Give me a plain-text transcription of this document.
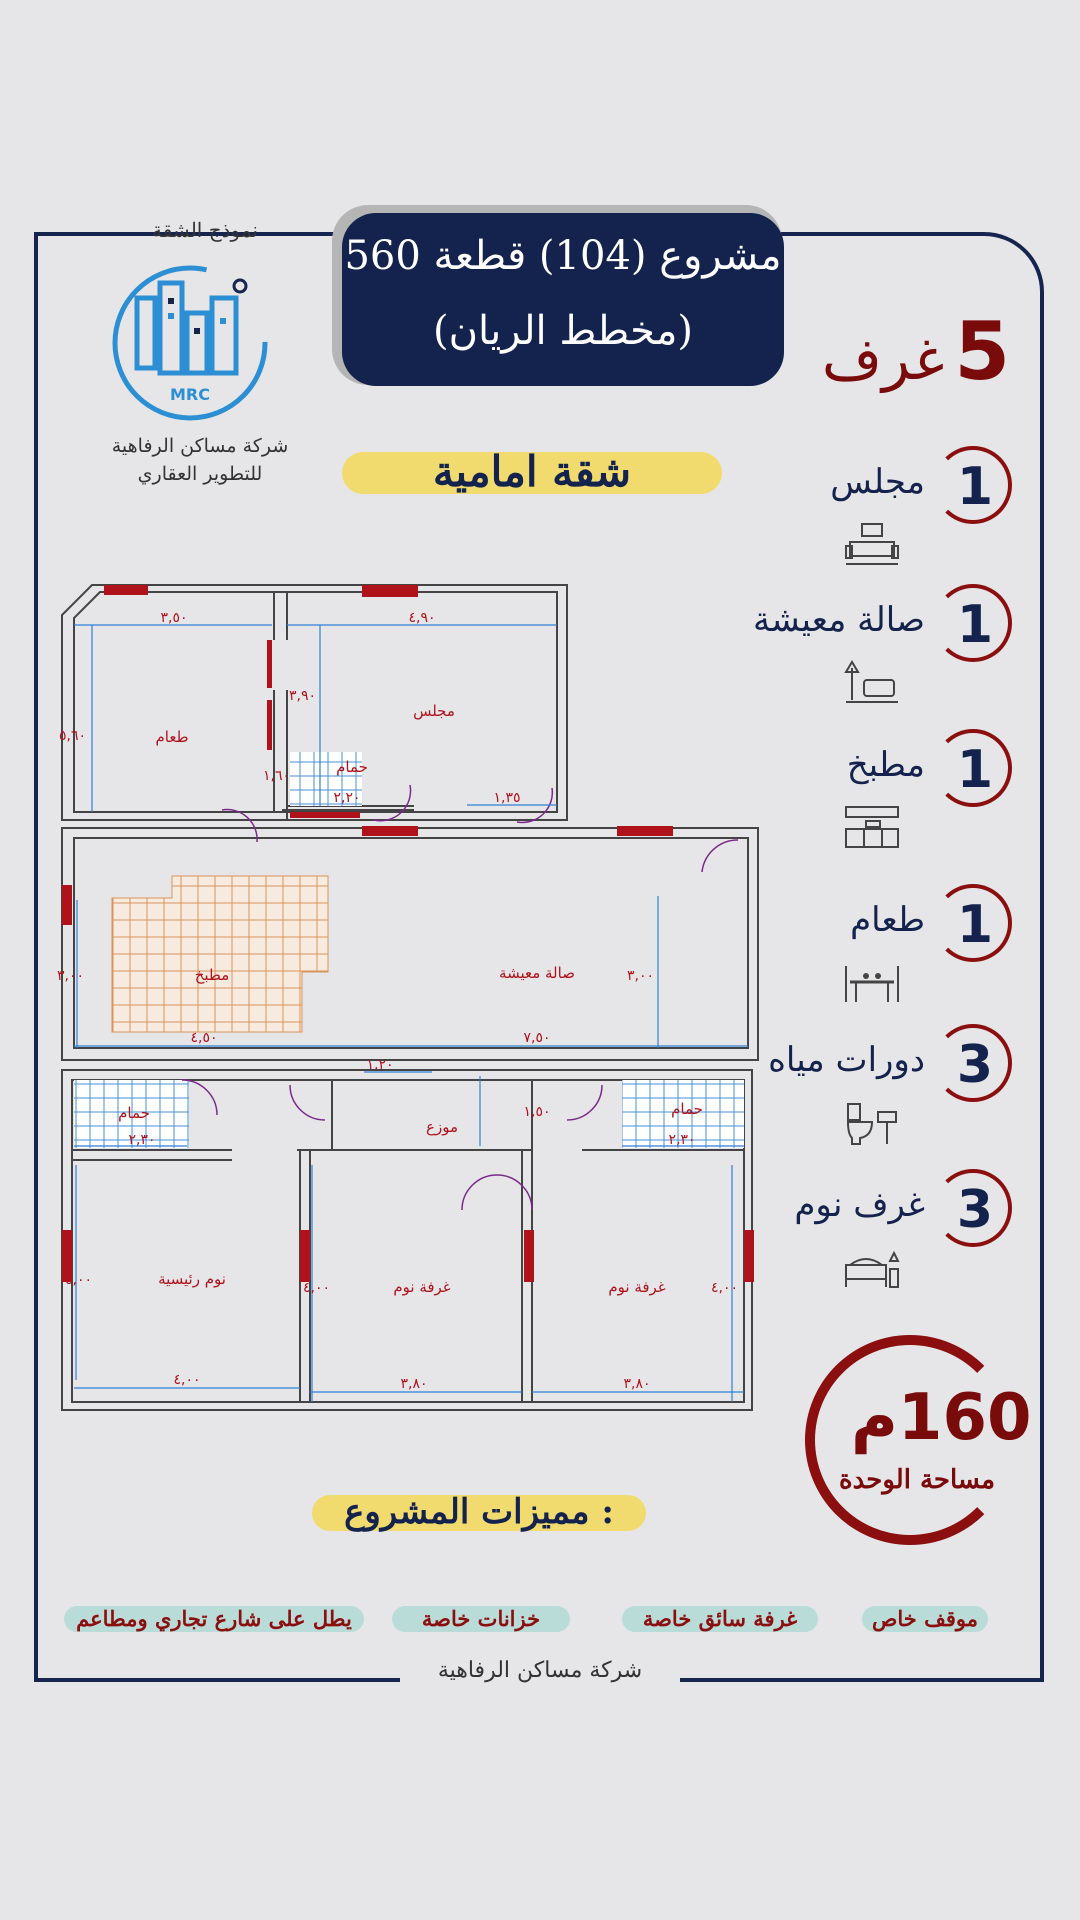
نموذج الشقة
MRC
شركة مساكن الرفاهية
للتطوير العقاري
مشروع (104) قطعة 560
(مخطط الريان)	5غرف
شقة امامية	1
مجلس
1
صالة معيشة
1
مطبخ
1
طعام
3
دورات مياه
3
غرف نوم
160م
مساحة الوحدة
طعام
مجلس
حمام
مطبخ	صالة معيشة
حمام
موزع
حمام
نوم رئيسية	غرفة نوم	غرفة نوم
٣,٥٠	٤,٩٠
٥,٦٠
٣,٩٠
١,٣٥
٢,٢٠
١,٦٠
٣,٠٠	٣,٠٠
٤,٥٠	٧,٥٠
١,٢٠
٢,٣٠	٢,٣٠
١,٥٠
٤,٠٠	٣,٨٠	٣,٨٠
٤,٠٠	٤,٠٠	٤,٠٠
مميزات المشروع :
موقف خاص
غرفة سائق خاصة
خزانات خاصة
يطل على شارع تجاري ومطاعم
شركة مساكن الرفاهية
